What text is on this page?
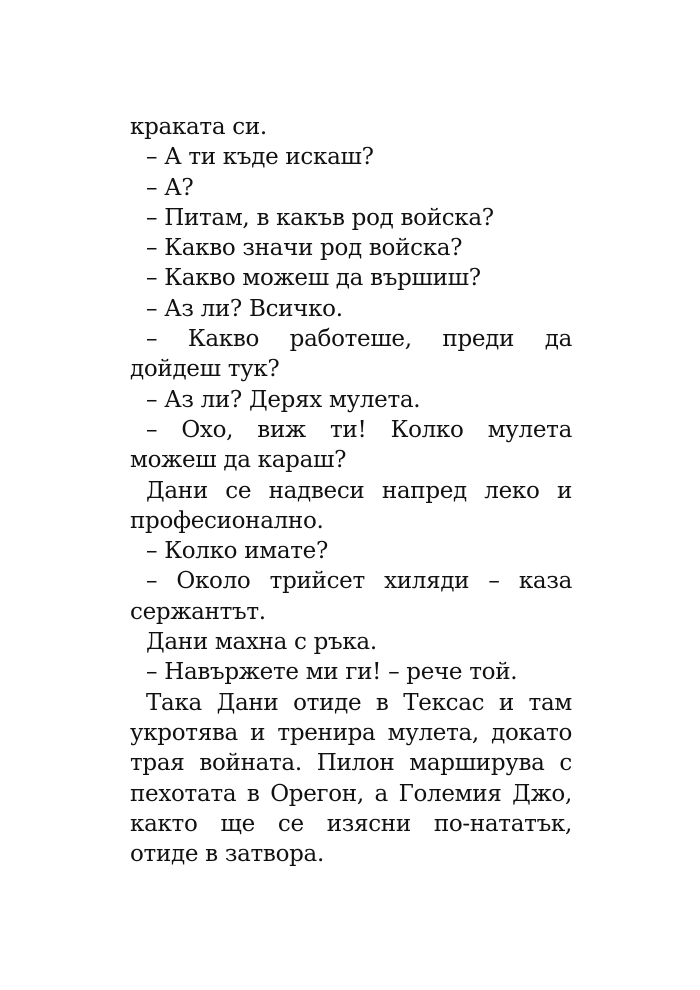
краката си.
– А ти къде искаш?
– А?
– Питам, в какъв род войска?
– Какво значи род войска?
– Какво можеш да вършиш?
– Аз ли? Всичко.
– Какво работеше, преди да
дойдеш тук?
– Аз ли? Дерях мулета.
– Охо, виж ти! Колко мулета
можеш да караш?
Дани се надвеси напред леко и
професионално.
– Колко имате?
– Около трийсет хиляди – каза
сержантът.
Дани махна с ръка.
– Навържете ми ги! – рече той.
Така Дани отиде в Тексас и там
укротява и тренира мулета, докато
трая войната. Пилон марширува с
пехотата в Орегон, а Големия Джо,
както ще се изясни по-нататък,
отиде в затвора.
